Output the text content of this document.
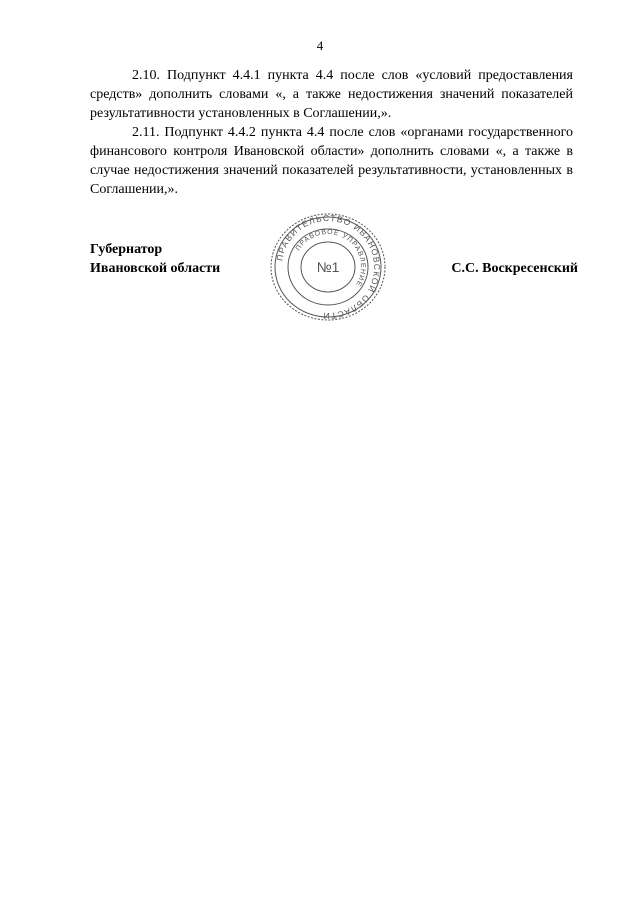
4

2.10. Подпункт 4.4.1 пункта 4.4 после слов «условий предоставления средств» дополнить словами «, а также недостижения значений показателей результативности установленных в Соглашении,».

2.11. Подпункт 4.4.2 пункта 4.4 после слов «органами государственного финансового контроля Ивановской области» дополнить словами «, а также в случае недостижения значений показателей результативности, установленных в Соглашении,».

Губернатор
Ивановской области	С.С. Воскресенский
ПРАВИТЕЛЬСТВО ИВАНОВСКОЙ ОБЛАСТИ
ПРАВОВОЕ УПРАВЛЕНИЕ
№1
